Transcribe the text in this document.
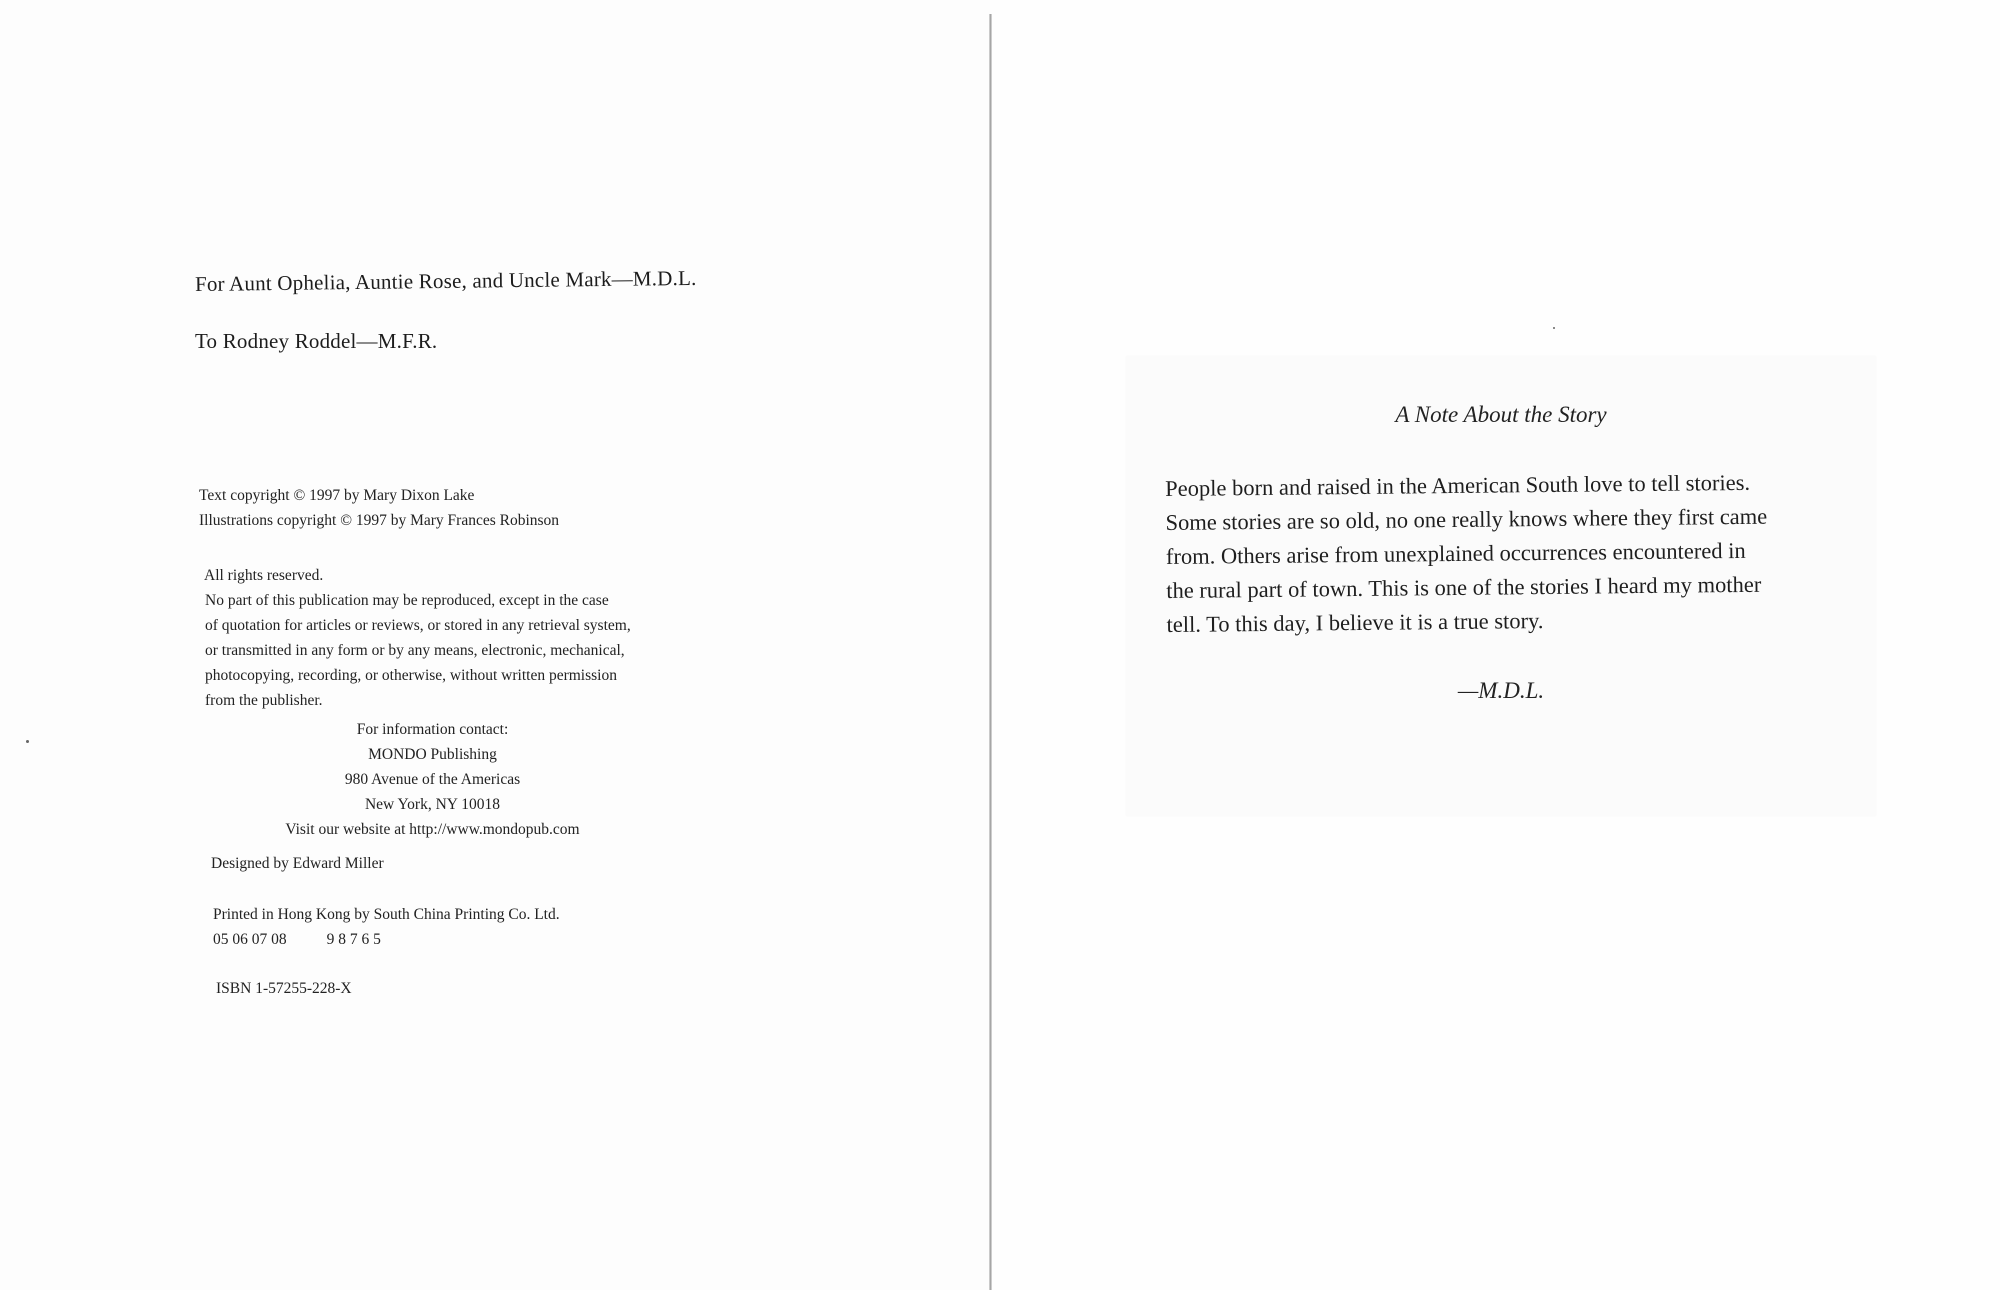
For Aunt Ophelia, Auntie Rose, and Uncle Mark—M.D.L.
To Rodney Roddel—M.F.R.
Text copyright © 1997 by Mary Dixon Lake
Illustrations copyright © 1997 by Mary Frances Robinson
All rights reserved.
No part of this publication may be reproduced, except in the case
of quotation for articles or reviews, or stored in any retrieval system,
or transmitted in any form or by any means, electronic, mechanical,
photocopying, recording, or otherwise, without written permission
from the publisher.
For information contact:
MONDO Publishing
980 Avenue of the Americas
New York, NY 10018
Visit our website at http://www.mondopub.com
Designed by Edward Miller
Printed in Hong Kong by South China Printing Co. Ltd.
05 06 07 08	9 8 7 6 5
ISBN 1-57255-228-X
A Note About the Story
People born and raised in the American South love to tell stories.
Some stories are so old, no one really knows where they first came
from. Others arise from unexplained occurrences encountered in
the rural part of town. This is one of the stories I heard my mother
tell. To this day, I believe it is a true story.
—M.D.L.
